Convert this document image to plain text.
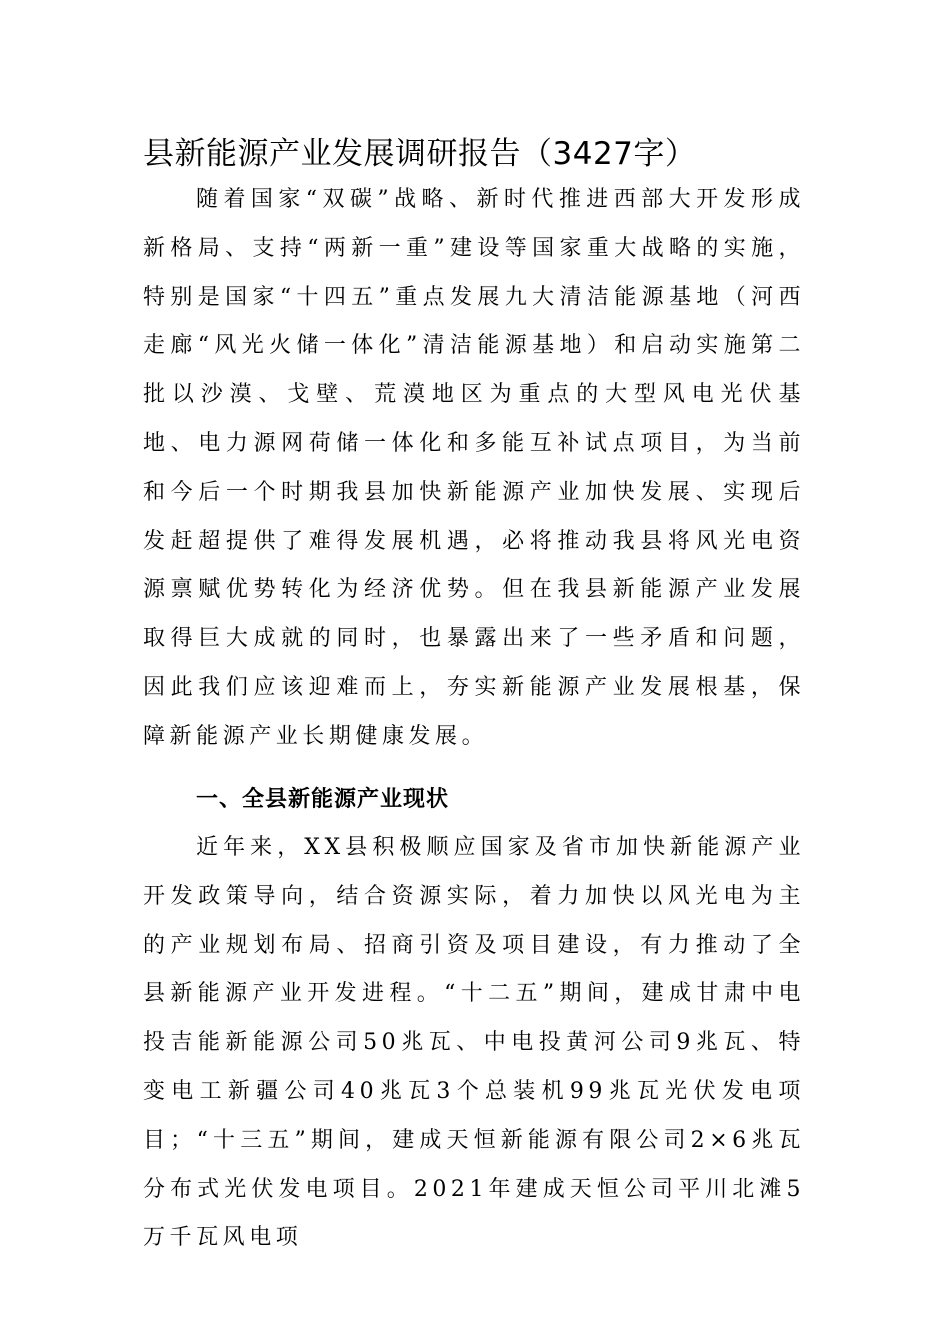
县新能源产业发展调研报告（3427字）

随着国家“双碳”战略、新时代推进西部大开发形成新格局、支持“两新一重”建设等国家重大战略的实施，特别是国家“十四五”重点发展九大清洁能源基地（河西走廊“风光火储一体化”清洁能源基地）和启动实施第二批以沙漠、戈壁、荒漠地区为重点的大型风电光伏基地、电力源网荷储一体化和多能互补试点项目，为当前和今后一个时期我县加快新能源产业加快发展、实现后发赶超提供了难得发展机遇，必将推动我县将风光电资源禀赋优势转化为经济优势。但在我县新能源产业发展取得巨大成就的同时，也暴露出来了一些矛盾和问题，因此我们应该迎难而上，夯实新能源产业发展根基，保障新能源产业长期健康发展。

一、全县新能源产业现状

近年来，XX县积极顺应国家及省市加快新能源产业开发政策导向，结合资源实际，着力加快以风光电为主的产业规划布局、招商引资及项目建设，有力推动了全县新能源产业开发进程。“十二五”期间，建成甘肃中电投吉能新能源公司50兆瓦、中电投黄河公司9兆瓦、特变电工新疆公司40兆瓦3个总装机99兆瓦光伏发电项目；“十三五”期间，建成天恒新能源有限公司2×6兆瓦分布式光伏发电项目。2021年建成天恒公司平川北滩5万千瓦风电项
